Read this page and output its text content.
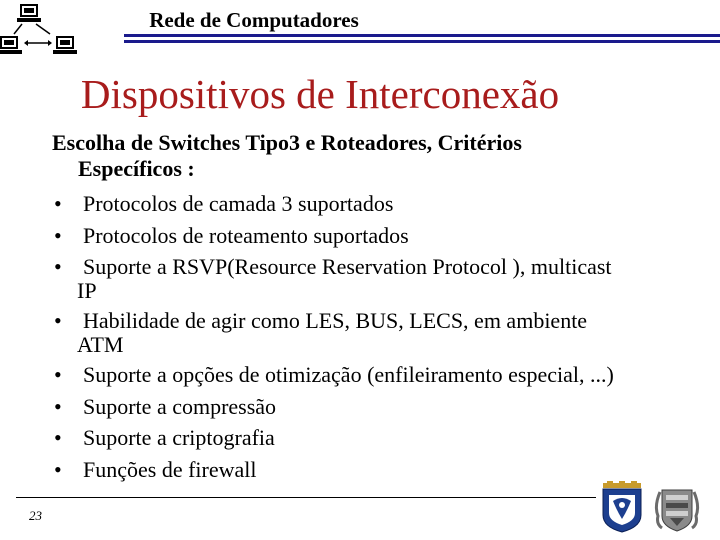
Rede de Computadores
Dispositivos de Interconexão
Escolha de Switches Tipo3 e Roteadores, Critérios
Específicos :
• Protocolos de camada 3 suportados
• Protocolos de roteamento suportados
• Suporte a RSVP(Resource Reservation Protocol ), multicast
IP
• Habilidade de agir como LES, BUS, LECS, em ambiente
ATM
• Suporte a opções de otimização (enfileiramento especial, ...)
• Suporte a compressão
• Suporte a criptografia
• Funções de firewall
23
